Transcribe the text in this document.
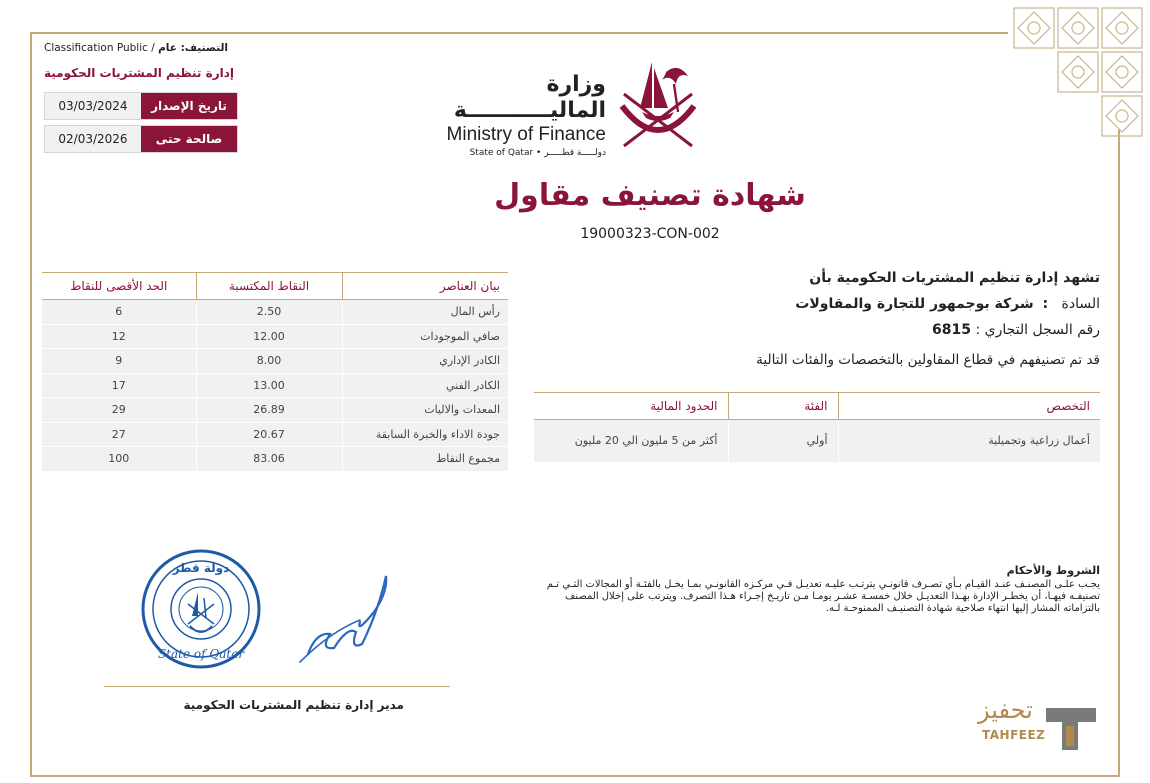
Classification Public / التصنيف: عام
إدارة تنظيم المشتريات الحكومية
03/03/2024	تاريخ الإصدار
02/03/2026	صالحة حتى
وزارة الماليـــــــــــة
Ministry of Finance
State of Qatar • دولـــــة قطـــــر
شهادة تصنيف مقاول
19000323-CON-002
بيان العناصر	النقاط المكتسبة	الحد الأقصى للنقاط
رأس المال	2.50	6
صافي الموجودات	12.00	12
الكادر الإداري	8.00	9
الكادر الفني	13.00	17
المعدات والاليات	26.89	29
جودة الاداء والخبرة السابقة	20.67	27
مجموع النقاط	83.06	100
تشهد إدارة تنظيم المشتريات الحكومية بأن
السادة   :  شركة بوجمهور للتجارة والمقاولات
رقم السجل التجاري : 6815
قد تم تصنيفهم في قطاع المقاولين بالتخصصات والفئات التالية
التخصص	الفئة	الحدود المالية
أعمال زراعية وتجميلية	أولي	أكثر من 5 مليون الي 20 مليون
الشروط والأحكام
يجـب علـى المصنـف عنـد القيـام بـأي تصـرف قانونـي يترتـب عليـه تعديـل فـي مركـزه القانونـي بمـا يخـل بالفئـة أو المجالات التـي تـم تصنيفـه فيهـا، أن يخطـر الإدارة بهـذا التعديـل خلال خمسـة عشـر يومـا مـن تاريـخ إجـراء هـذا التصرف. ويترتب على إخلال المصنف بالتزاماته المشار إليها انتهاء صلاحية شهادة التصنيـف الممنوحـة لـه.
دولة قطر
State of Qatar
مدير إدارة تنظيم المشتريات الحكومية	تحفيز
TAHFEEZ
